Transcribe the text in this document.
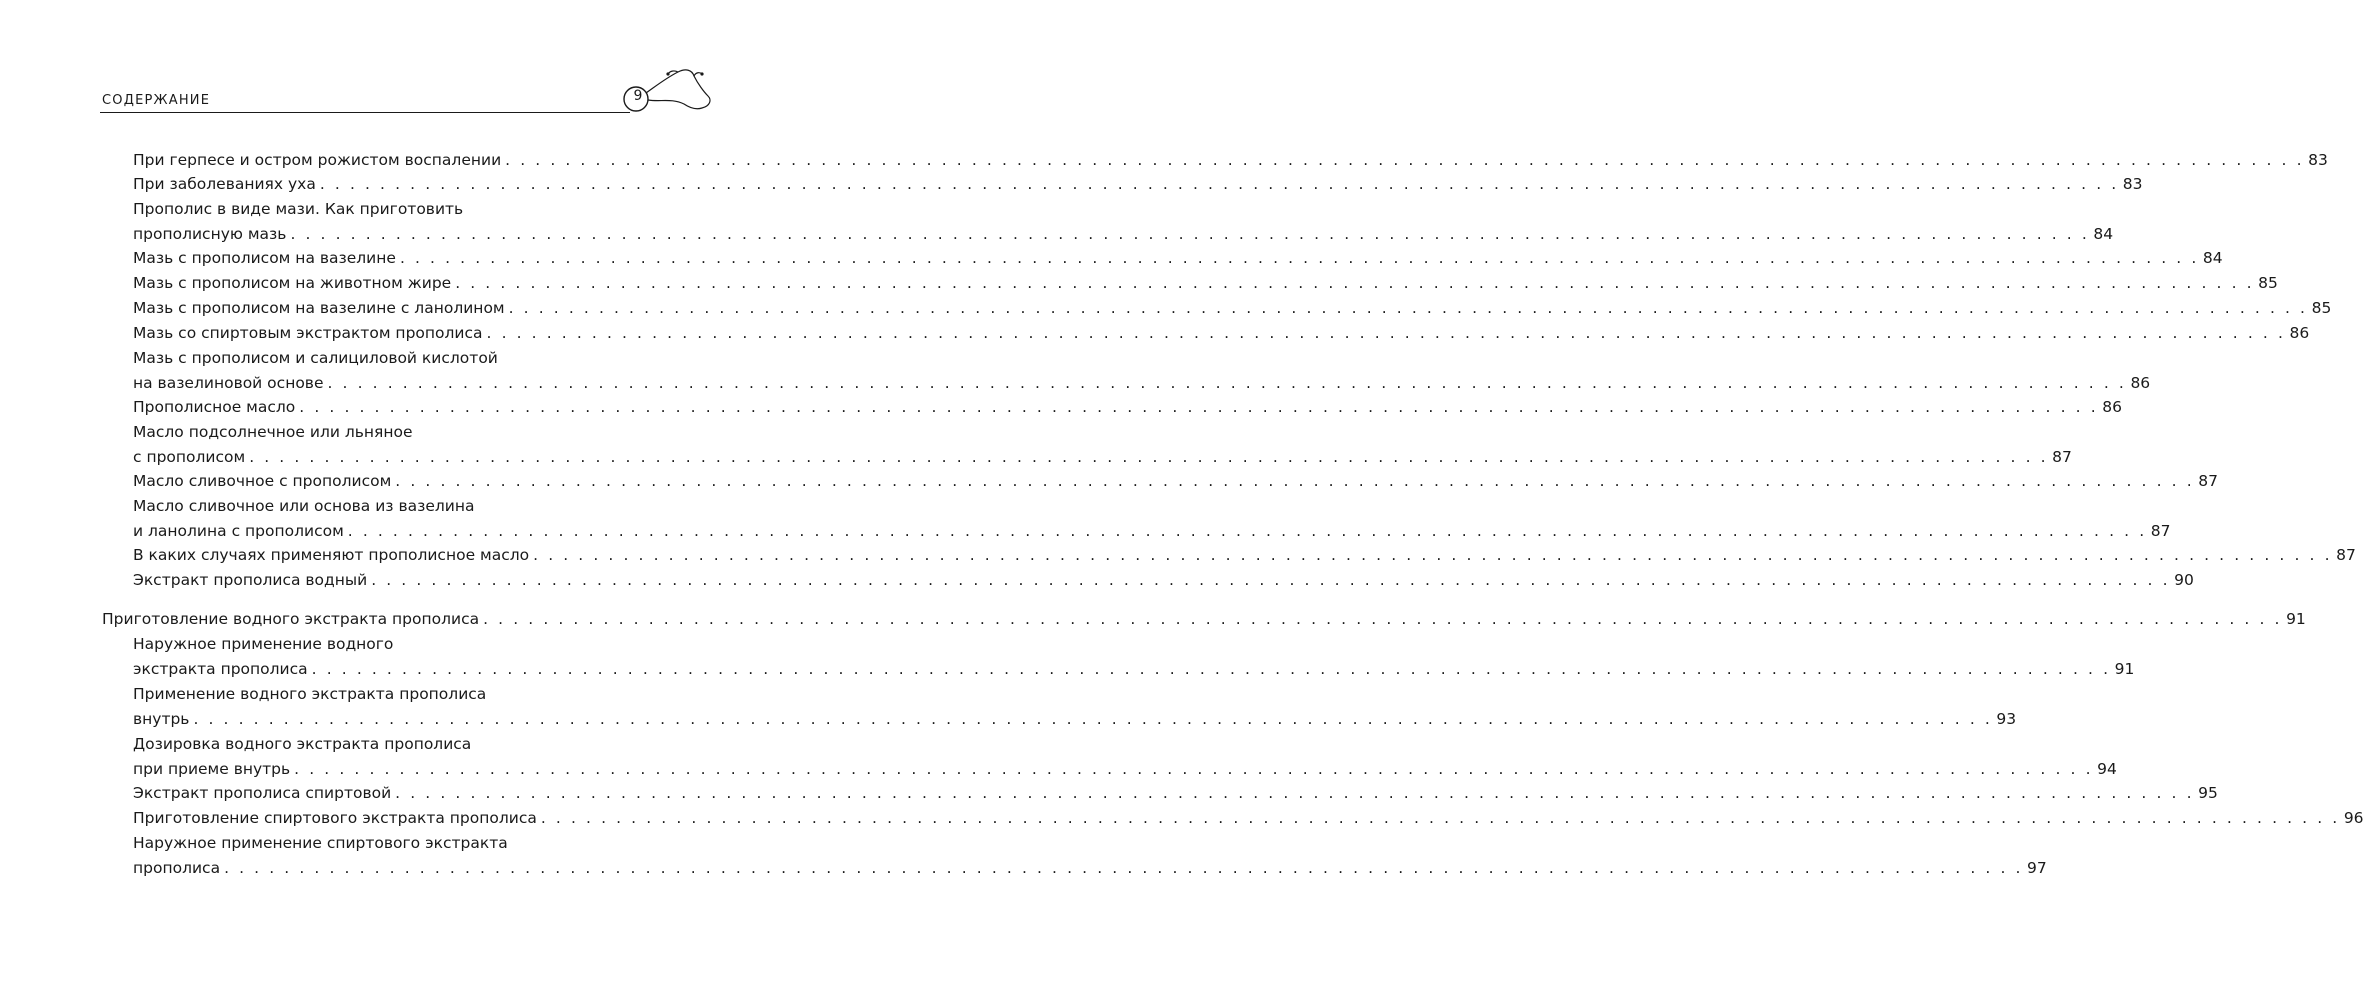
СОДЕРЖАНИЕ	9
При герпесе и остром рожистом воспалении . . . . . . . . . . . . . . . . . . . . . . . . . . . . . . . . . . . . . . . . . . . . . . . . . . . . . . . . . . . . . . . . . . . . . . . . . . . . . . . . . . . . . . . . . . . . . . . . . . . . . . . . . . . . . . . . . . . . . . . . 83
При заболеваниях уха . . . . . . . . . . . . . . . . . . . . . . . . . . . . . . . . . . . . . . . . . . . . . . . . . . . . . . . . . . . . . . . . . . . . . . . . . . . . . . . . . . . . . . . . . . . . . . . . . . . . . . . . . . . . . . . . . . . . . . . . 83
Прополис в виде мази. Как приготовить
прополисную мазь . . . . . . . . . . . . . . . . . . . . . . . . . . . . . . . . . . . . . . . . . . . . . . . . . . . . . . . . . . . . . . . . . . . . . . . . . . . . . . . . . . . . . . . . . . . . . . . . . . . . . . . . . . . . . . . . . . . . . . . . 84
Мазь с прополисом на вазелине . . . . . . . . . . . . . . . . . . . . . . . . . . . . . . . . . . . . . . . . . . . . . . . . . . . . . . . . . . . . . . . . . . . . . . . . . . . . . . . . . . . . . . . . . . . . . . . . . . . . . . . . . . . . . . . . . . . . . . . . 84
Мазь с прополисом на животном жире . . . . . . . . . . . . . . . . . . . . . . . . . . . . . . . . . . . . . . . . . . . . . . . . . . . . . . . . . . . . . . . . . . . . . . . . . . . . . . . . . . . . . . . . . . . . . . . . . . . . . . . . . . . . . . . . . . . . . . . . 85
Мазь с прополисом на вазелине с ланолином . . . . . . . . . . . . . . . . . . . . . . . . . . . . . . . . . . . . . . . . . . . . . . . . . . . . . . . . . . . . . . . . . . . . . . . . . . . . . . . . . . . . . . . . . . . . . . . . . . . . . . . . . . . . . . . . . . . . . . . . 85
Мазь со спиртовым экстрактом прополиса . . . . . . . . . . . . . . . . . . . . . . . . . . . . . . . . . . . . . . . . . . . . . . . . . . . . . . . . . . . . . . . . . . . . . . . . . . . . . . . . . . . . . . . . . . . . . . . . . . . . . . . . . . . . . . . . . . . . . . . . 86
Мазь с прополисом и салициловой кислотой
на вазелиновой основе . . . . . . . . . . . . . . . . . . . . . . . . . . . . . . . . . . . . . . . . . . . . . . . . . . . . . . . . . . . . . . . . . . . . . . . . . . . . . . . . . . . . . . . . . . . . . . . . . . . . . . . . . . . . . . . . . . . . . . . . 86
Прополисное масло . . . . . . . . . . . . . . . . . . . . . . . . . . . . . . . . . . . . . . . . . . . . . . . . . . . . . . . . . . . . . . . . . . . . . . . . . . . . . . . . . . . . . . . . . . . . . . . . . . . . . . . . . . . . . . . . . . . . . . . . 86
Масло подсолнечное или льняное
с прополисом . . . . . . . . . . . . . . . . . . . . . . . . . . . . . . . . . . . . . . . . . . . . . . . . . . . . . . . . . . . . . . . . . . . . . . . . . . . . . . . . . . . . . . . . . . . . . . . . . . . . . . . . . . . . . . . . . . . . . . . . 87
Масло сливочное с прополисом . . . . . . . . . . . . . . . . . . . . . . . . . . . . . . . . . . . . . . . . . . . . . . . . . . . . . . . . . . . . . . . . . . . . . . . . . . . . . . . . . . . . . . . . . . . . . . . . . . . . . . . . . . . . . . . . . . . . . . . . 87
Масло сливочное или основа из вазелина
и ланолина с прополисом . . . . . . . . . . . . . . . . . . . . . . . . . . . . . . . . . . . . . . . . . . . . . . . . . . . . . . . . . . . . . . . . . . . . . . . . . . . . . . . . . . . . . . . . . . . . . . . . . . . . . . . . . . . . . . . . . . . . . . . . 87
В каких случаях применяют прополисное масло . . . . . . . . . . . . . . . . . . . . . . . . . . . . . . . . . . . . . . . . . . . . . . . . . . . . . . . . . . . . . . . . . . . . . . . . . . . . . . . . . . . . . . . . . . . . . . . . . . . . . . . . . . . . . . . . . . . . . . . . 87
Экстракт прополиса водный . . . . . . . . . . . . . . . . . . . . . . . . . . . . . . . . . . . . . . . . . . . . . . . . . . . . . . . . . . . . . . . . . . . . . . . . . . . . . . . . . . . . . . . . . . . . . . . . . . . . . . . . . . . . . . . . . . . . . . . . 90
Приготовление водного экстракта прополиса . . . . . . . . . . . . . . . . . . . . . . . . . . . . . . . . . . . . . . . . . . . . . . . . . . . . . . . . . . . . . . . . . . . . . . . . . . . . . . . . . . . . . . . . . . . . . . . . . . . . . . . . . . . . . . . . . . . . . . . . 91
Наружное применение водного
экстракта прополиса . . . . . . . . . . . . . . . . . . . . . . . . . . . . . . . . . . . . . . . . . . . . . . . . . . . . . . . . . . . . . . . . . . . . . . . . . . . . . . . . . . . . . . . . . . . . . . . . . . . . . . . . . . . . . . . . . . . . . . . . 91
Применение водного экстракта прополиса
внутрь . . . . . . . . . . . . . . . . . . . . . . . . . . . . . . . . . . . . . . . . . . . . . . . . . . . . . . . . . . . . . . . . . . . . . . . . . . . . . . . . . . . . . . . . . . . . . . . . . . . . . . . . . . . . . . . . . . . . . . . . 93
Дозировка водного экстракта прополиса
при приеме внутрь . . . . . . . . . . . . . . . . . . . . . . . . . . . . . . . . . . . . . . . . . . . . . . . . . . . . . . . . . . . . . . . . . . . . . . . . . . . . . . . . . . . . . . . . . . . . . . . . . . . . . . . . . . . . . . . . . . . . . . . . 94
Экстракт прополиса спиртовой . . . . . . . . . . . . . . . . . . . . . . . . . . . . . . . . . . . . . . . . . . . . . . . . . . . . . . . . . . . . . . . . . . . . . . . . . . . . . . . . . . . . . . . . . . . . . . . . . . . . . . . . . . . . . . . . . . . . . . . . 95
Приготовление спиртового экстракта прополиса . . . . . . . . . . . . . . . . . . . . . . . . . . . . . . . . . . . . . . . . . . . . . . . . . . . . . . . . . . . . . . . . . . . . . . . . . . . . . . . . . . . . . . . . . . . . . . . . . . . . . . . . . . . . . . . . . . . . . . . . 96
Наружное применение спиртового экстракта
прополиса . . . . . . . . . . . . . . . . . . . . . . . . . . . . . . . . . . . . . . . . . . . . . . . . . . . . . . . . . . . . . . . . . . . . . . . . . . . . . . . . . . . . . . . . . . . . . . . . . . . . . . . . . . . . . . . . . . . . . . . . 97
